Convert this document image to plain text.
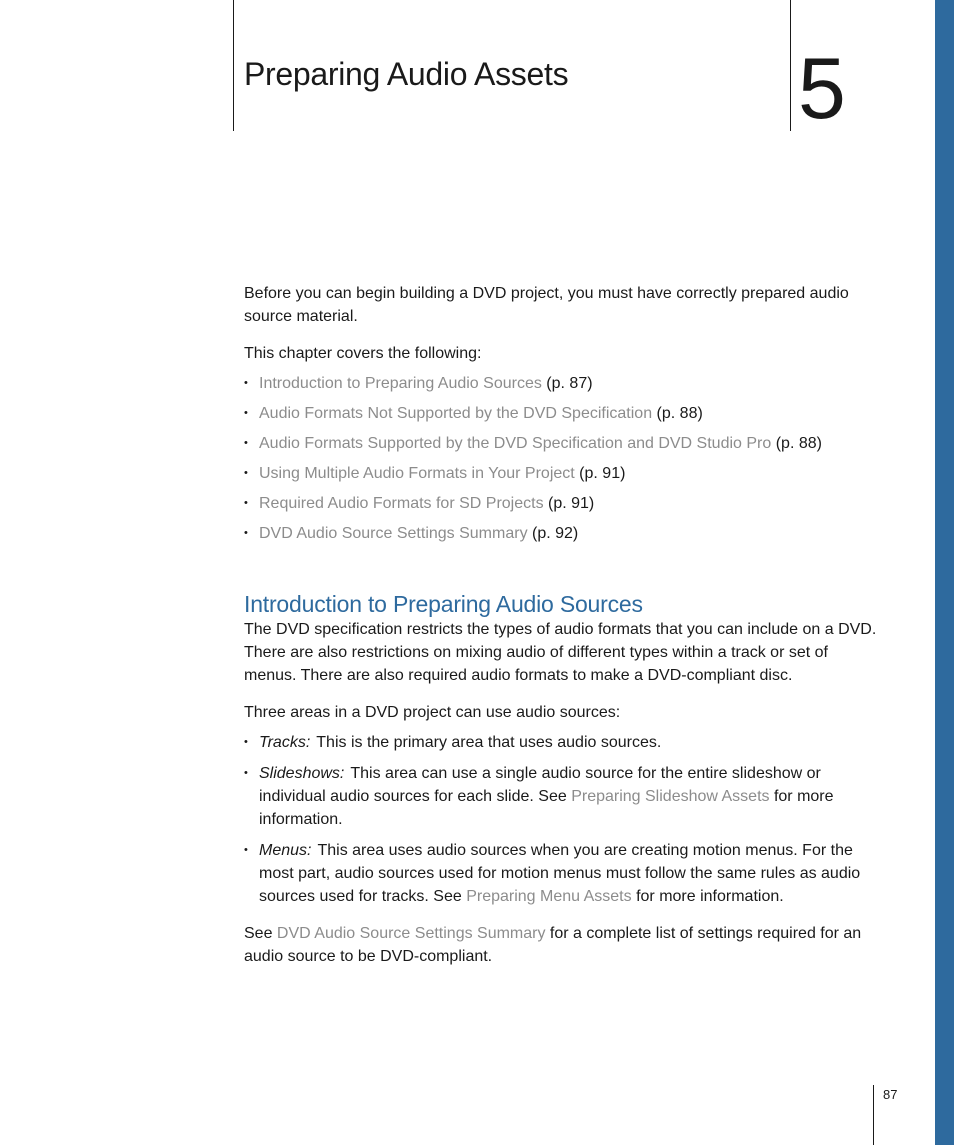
Preparing Audio Assets	5

Before you can begin building a DVD project, you must have correctly prepared audio source material.

This chapter covers the following:

• Introduction to Preparing Audio Sources (p. 87)
• Audio Formats Not Supported by the DVD Specification (p. 88)
• Audio Formats Supported by the DVD Specification and DVD Studio Pro (p. 88)
• Using Multiple Audio Formats in Your Project (p. 91)
• Required Audio Formats for SD Projects (p. 91)
• DVD Audio Source Settings Summary (p. 92)
Introduction to Preparing Audio Sources

The DVD specification restricts the types of audio formats that you can include on a DVD. There are also restrictions on mixing audio of different types within a track or set of menus. There are also required audio formats to make a DVD-compliant disc.

Three areas in a DVD project can use audio sources:

• Tracks: This is the primary area that uses audio sources.
• Slideshows: This area can use a single audio source for the entire slideshow or individual audio sources for each slide. See Preparing Slideshow Assets for more information.
• Menus: This area uses audio sources when you are creating motion menus. For the most part, audio sources used for motion menus must follow the same rules as audio sources used for tracks. See Preparing Menu Assets for more information.

See DVD Audio Source Settings Summary for a complete list of settings required for an audio source to be DVD-compliant.

87
